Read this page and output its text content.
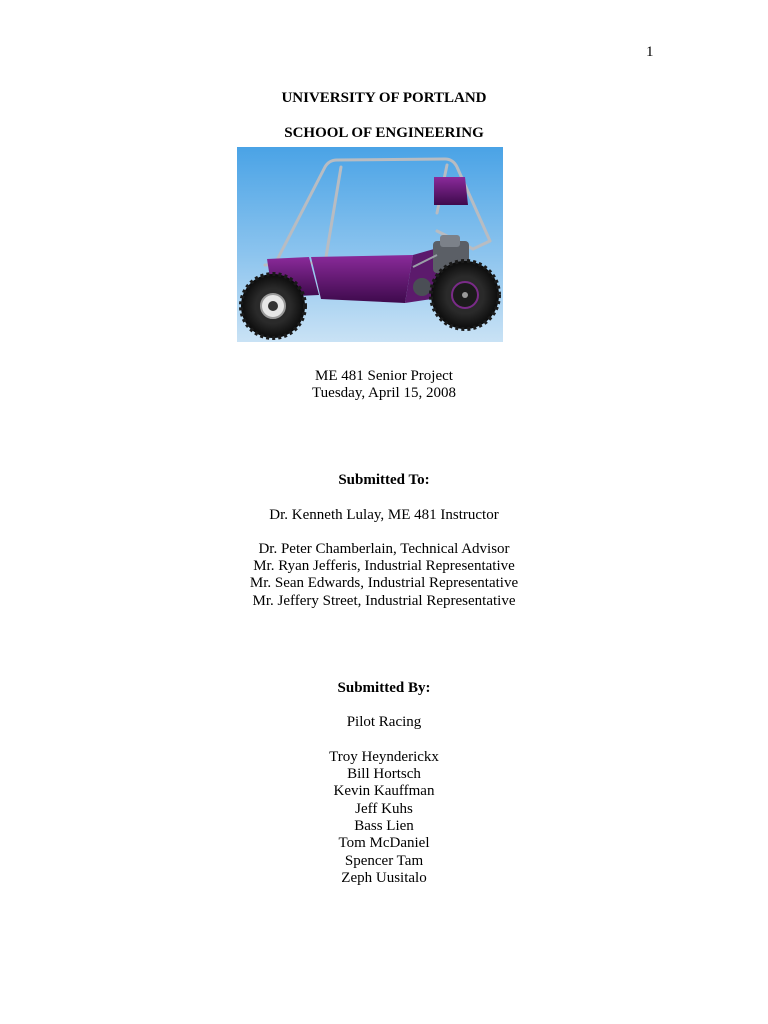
1
UNIVERSITY OF PORTLAND
SCHOOL OF ENGINEERING
ME 481 Senior Project
Tuesday, April 15, 2008
Submitted To:
Dr. Kenneth Lulay, ME 481 Instructor
Dr. Peter Chamberlain, Technical Advisor
Mr. Ryan Jefferis, Industrial Representative
Mr. Sean Edwards, Industrial Representative
Mr. Jeffery Street, Industrial Representative
Submitted By:
Pilot Racing
Troy Heynderickx
Bill Hortsch
Kevin Kauffman
Jeff Kuhs
Bass Lien
Tom McDaniel
Spencer Tam
Zeph Uusitalo
